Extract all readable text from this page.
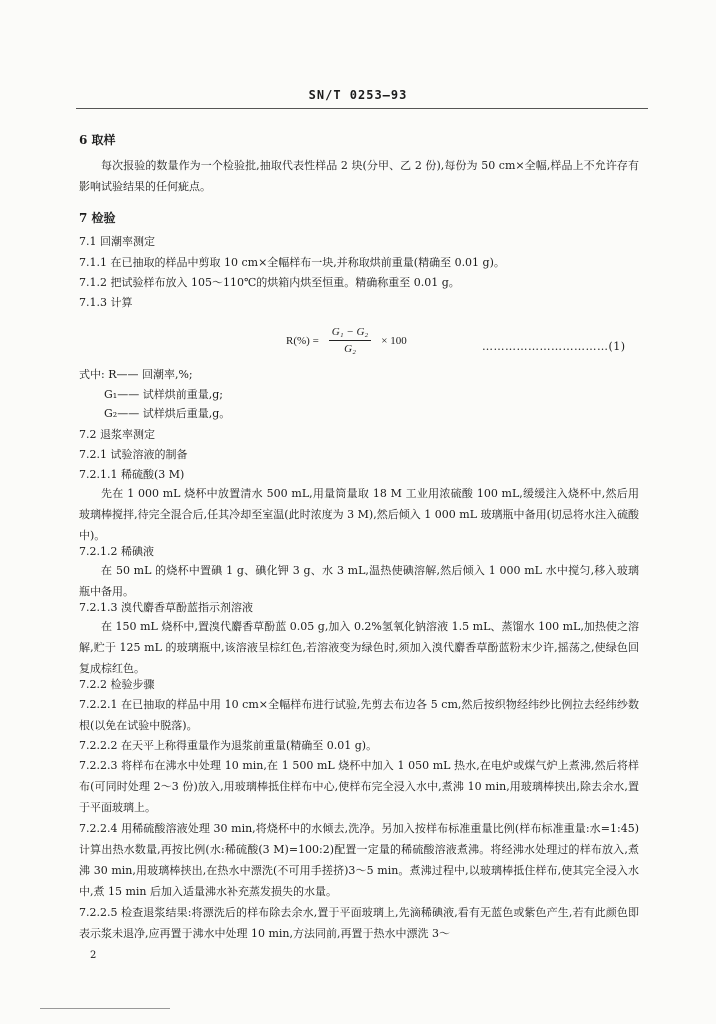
SN/T 0253—93
6 取样
每次报验的数量作为一个检验批,抽取代表性样品 2 块(分甲、乙 2 份),每份为 50 cm×全幅,样品上不允许存有影响试验结果的任何疵点。
7 检验
7.1 回潮率测定
7.1.1 在已抽取的样品中剪取 10 cm×全幅样布一块,并称取烘前重量(精确至 0.01 g)。
7.1.2 把试验样布放入 105～110℃的烘箱内烘至恒重。精确称重至 0.01 g。
7.1.3 计算
$R(\%) = \frac{\text{G₁ − G₂}}{\text{G₂}} \times 100$	……………………………(1)
式中: R—— 回潮率,%;
G₁—— 试样烘前重量,g;
G₂—— 试样烘后重量,g。
7.2 退浆率测定
7.2.1 试验溶液的制备
7.2.1.1 稀硫酸(3 M)
先在 1 000 mL 烧杯中放置清水 500 mL,用量筒量取 18 M 工业用浓硫酸 100 mL,缓缓注入烧杯中,然后用玻璃棒搅拌,待完全混合后,任其冷却至室温(此时浓度为 3 M),然后倾入 1 000 mL 玻璃瓶中备用(切忌将水注入硫酸中)。
7.2.1.2 稀碘液
在 50 mL 的烧杯中置碘 1 g、碘化钾 3 g、水 3 mL,温热使碘溶解,然后倾入 1 000 mL 水中搅匀,移入玻璃瓶中备用。
7.2.1.3 溴代麝香草酚蓝指示剂溶液
在 150 mL 烧杯中,置溴代麝香草酚蓝 0.05 g,加入 0.2%氢氧化钠溶液 1.5 mL、蒸馏水 100 mL,加热使之溶解,贮于 125 mL 的玻璃瓶中,该溶液呈棕红色,若溶液变为绿色时,须加入溴代麝香草酚蓝粉末少许,摇荡之,使绿色回复成棕红色。
7.2.2 检验步骤
7.2.2.1 在已抽取的样品中用 10 cm×全幅样布进行试验,先剪去布边各 5 cm,然后按织物经纬纱比例拉去经纬纱数根(以免在试验中脱落)。
7.2.2.2 在天平上称得重量作为退浆前重量(精确至 0.01 g)。
7.2.2.3 将样布在沸水中处理 10 min,在 1 500 mL 烧杯中加入 1 050 mL 热水,在电炉或煤气炉上煮沸,然后将样布(可同时处理 2～3 份)放入,用玻璃棒抵住样布中心,使样布完全浸入水中,煮沸 10 min,用玻璃棒挟出,除去余水,置于平面玻璃上。
7.2.2.4 用稀硫酸溶液处理 30 min,将烧杯中的水倾去,洗净。另加入按样布标准重量比例(样布标准重量:水=1:45)计算出热水数量,再按比例(水:稀硫酸(3 M)=100:2)配置一定量的稀硫酸溶液煮沸。将经沸水处理过的样布放入,煮沸 30 min,用玻璃棒挟出,在热水中漂洗(不可用手搓挤)3～5 min。煮沸过程中,以玻璃棒抵住样布,使其完全浸入水中,煮 15 min 后加入适量沸水补充蒸发损失的水量。
7.2.2.5 检查退浆结果:将漂洗后的样布除去余水,置于平面玻璃上,先滴稀碘液,看有无蓝色或紫色产生,若有此颜色即表示浆未退净,应再置于沸水中处理 10 min,方法同前,再置于热水中漂洗 3～
2
